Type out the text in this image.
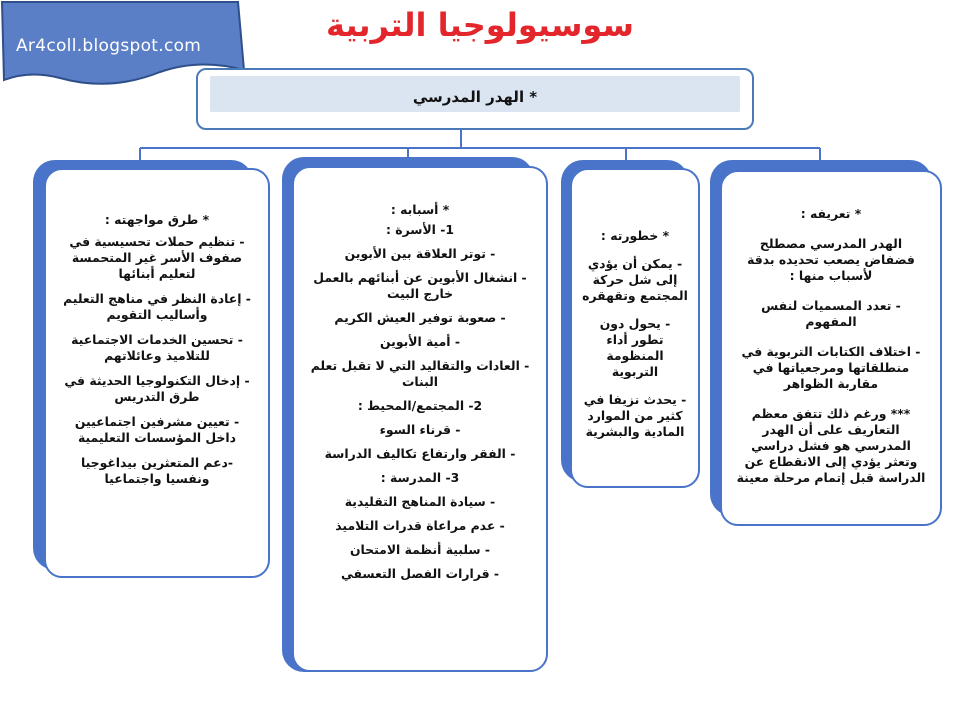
Ar4coll.blogspot.com
سوسيولوجيا التربية
* الهدر المدرسي

* طرق مواجهته :

- تنظيم حملات تحسيسية في صفوف الأسر غير المتحمسة لتعليم أبنائها

- إعادة النظر في مناهج التعليم وأساليب التقويم

- تحسين الخدمات الاجتماعية للتلاميذ وعائلاتهم

- إدخال التكنولوجيا الحديثة في طرق التدريس

- تعيين مشرفين اجتماعيين داخل المؤسسات التعليمية

-دعم المتعثرين بيداغوجيا ونفسيا واجتماعيا

* أسبابه :

1- الأسرة :

- توتر العلاقة بين الأبوين

- انشغال الأبوين عن أبنائهم بالعمل خارج البيت

- صعوبة توفير العيش الكريم

- أمية الأبوين

- العادات والتقاليد التي لا تقبل تعلم البنات

2- المجتمع/المحيط :

- قرناء السوء

- الفقر وارتفاع تكاليف الدراسة

3- المدرسة :

- سيادة المناهج التقليدية

- عدم مراعاة قدرات التلاميذ

- سلبية أنظمة الامتحان

- قرارات الفصل التعسفي

* خطورته :

- يمكن أن يؤدي إلى شل حركة المجتمع وتقهقره

- يحول دون تطور أداء المنظومة التربوية

- يحدث نزيفا في كثير من الموارد المادية والبشرية

* تعريفه :

الهدر المدرسي مصطلح فضفاض يصعب تحديده بدقة لأسباب منها :

- تعدد المسميات لنفس المفهوم

- اختلاف الكتابات التربوية في منطلقاتها ومرجعياتها في مقاربة الظواهر

*** ورغم ذلك تتفق معظم التعاريف على أن الهدر المدرسي هو فشل دراسي وتعثر يؤدي إلى الانقطاع عن الدراسة قبل إتمام مرحلة معينة
